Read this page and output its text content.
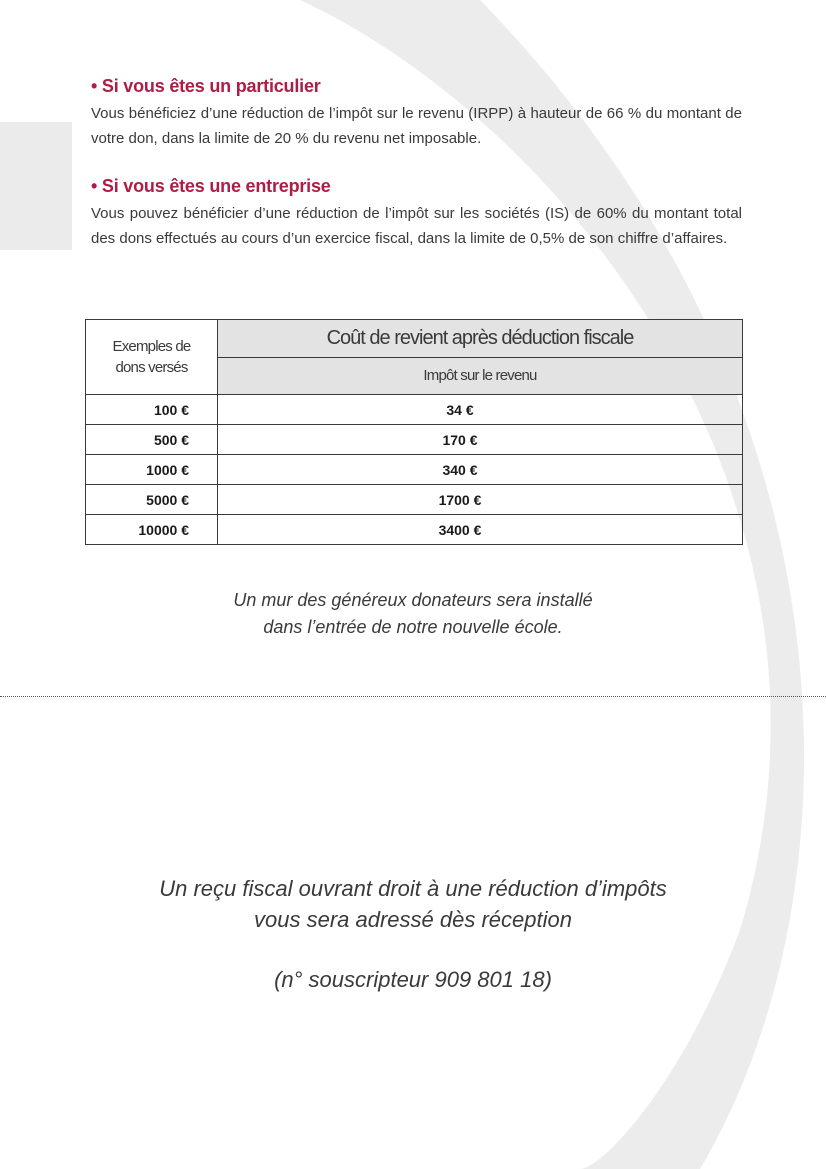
• Si vous êtes un particulier

Vous bénéficiez d’une réduction de l’impôt sur le revenu (IRPP) à hauteur de 66 % du montant de votre don, dans la limite de 20 % du revenu net imposable.

• Si vous êtes une entreprise

Vous pouvez bénéficier d’une réduction de l’impôt sur les sociétés (IS) de 60% du montant total des dons effectués au cours d’un exercice fiscal, dans la limite de 0,5% de son chiffre d’affaires.

Exemples de
dons versés	Coût de revient après déduction fiscale
	Impôt sur le revenu
100 €	34 €
500 €	170 €
1000 €	340 €
5000 €	1700 €
10000 €	3400 €

Un mur des généreux donateurs sera installé
dans l’entrée de notre nouvelle école.

Un reçu fiscal ouvrant droit à une réduction d’impôts
vous sera adressé dès réception

(n° souscripteur 909 801 18)
